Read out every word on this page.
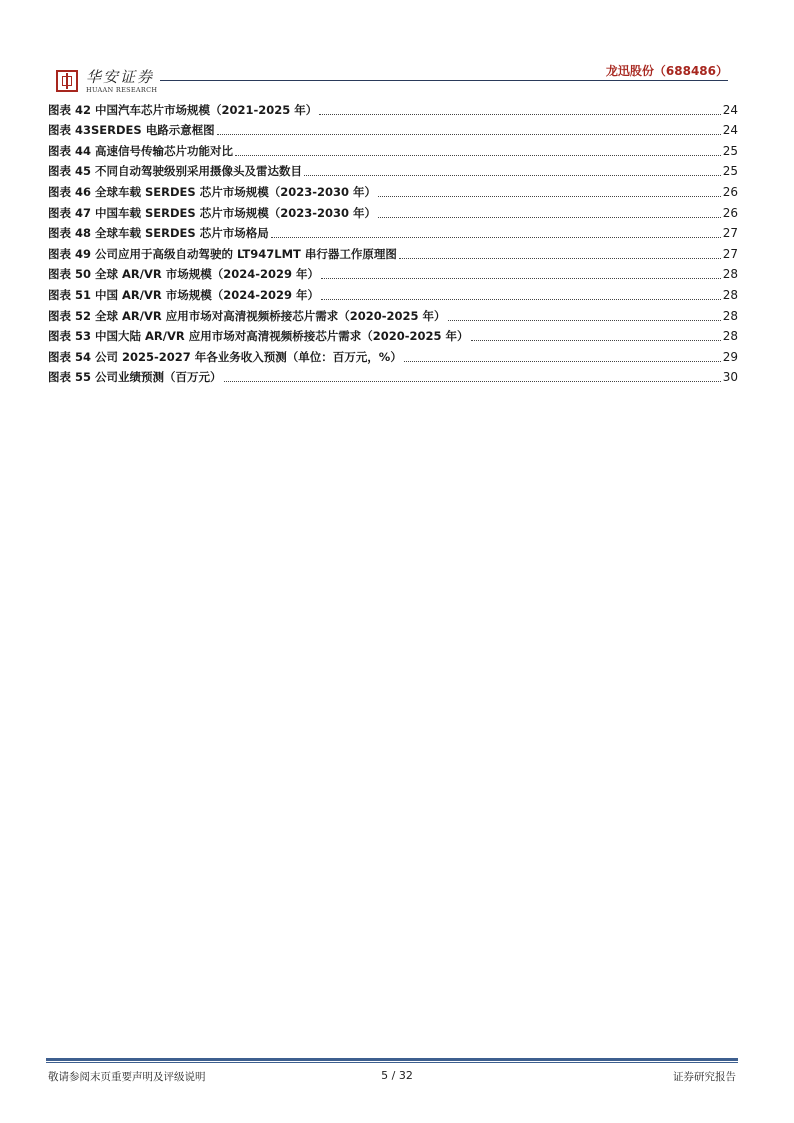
华安证券
HUAAN RESEARCH
龙迅股份（688486）
图表 42 中国汽车芯片市场规模（2021-2025 年）	24
图表 43SERDES 电路示意框图	24
图表 44 高速信号传输芯片功能对比	25
图表 45 不同自动驾驶级别采用摄像头及雷达数目	25
图表 46 全球车载 SERDES 芯片市场规模（2023-2030 年）	26
图表 47 中国车载 SERDES 芯片市场规模（2023-2030 年）	26
图表 48 全球车载 SERDES 芯片市场格局	27
图表 49 公司应用于高级自动驾驶的 LT947LMT 串行器工作原理图	27
图表 50 全球 AR/VR 市场规模（2024-2029 年）	28
图表 51 中国 AR/VR 市场规模（2024-2029 年）	28
图表 52 全球 AR/VR 应用市场对高清视频桥接芯片需求（2020-2025 年）	28
图表 53 中国大陆 AR/VR 应用市场对高清视频桥接芯片需求（2020-2025 年）	28
图表 54 公司 2025-2027 年各业务收入预测（单位：百万元，%）	29
图表 55 公司业绩预测（百万元）	30
敬请参阅末页重要声明及评级说明	5 / 32	证券研究报告
